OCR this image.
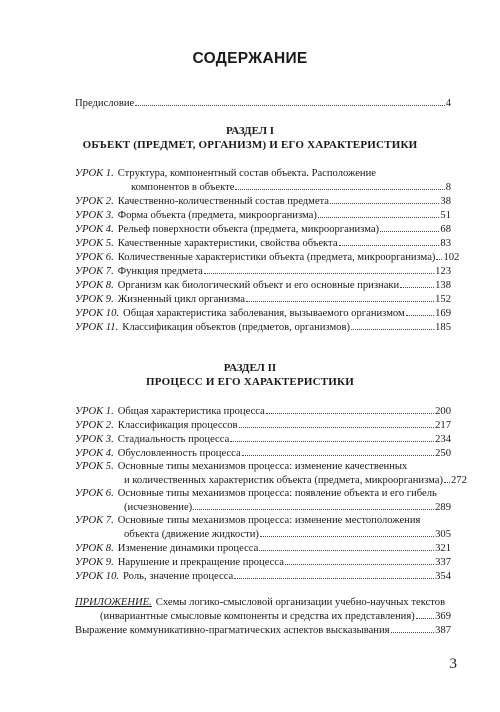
СОДЕРЖАНИЕ
Предисловие	4
РАЗДЕЛ I
ОБЪЕКТ (ПРЕДМЕТ, ОРГАНИЗМ) И ЕГО ХАРАКТЕРИСТИКИ
УРОК 1. Структура, компонентный состав объекта. Расположение
компонентов в объекте	8
УРОК 2. Качественно-количественный состав предмета	38
УРОК 3. Форма объекта (предмета, микроорганизма)	51
УРОК 4. Рельеф поверхности объекта (предмета, микроорганизма)	68
УРОК 5. Качественные характеристики, свойства объекта	83
УРОК 6. Количественные характеристики объекта (предмета, микроорганизма) 102
УРОК 7. Функция предмета	123
УРОК 8. Организм как биологический объект и его основные признаки	138
УРОК 9. Жизненный цикл организма	152
УРОК 10. Общая характеристика заболевания, вызываемого организмом	169
УРОК 11. Классификация объектов (предметов, организмов)	185
РАЗДЕЛ II
ПРОЦЕСС И ЕГО ХАРАКТЕРИСТИКИ
УРОК 1. Общая характеристика процесса	200
УРОК 2. Классификация процессов	217
УРОК 3. Стадиальность процесса	234
УРОК 4. Обусловленность процесса	250
УРОК 5. Основные типы механизмов процесса: изменение качественных
и количественных характеристик объекта (предмета, микроорганизма) 272
УРОК 6. Основные типы механизмов процесса: появление объекта и его гибель
(исчезновение)	289
УРОК 7. Основные типы механизмов процесса: изменение местоположения
объекта (движение жидкости)	305
УРОК 8. Изменение динамики процесса	321
УРОК 9. Нарушение и прекращение процесса	337
УРОК 10. Роль, значение процесса	354
ПРИЛОЖЕНИЕ. Схемы логико-смысловой организации учебно-научных текстов
(инвариантные смысловые компоненты и средства их представления) 369
Выражение коммуникативно-прагматических аспектов высказывания	387
3
